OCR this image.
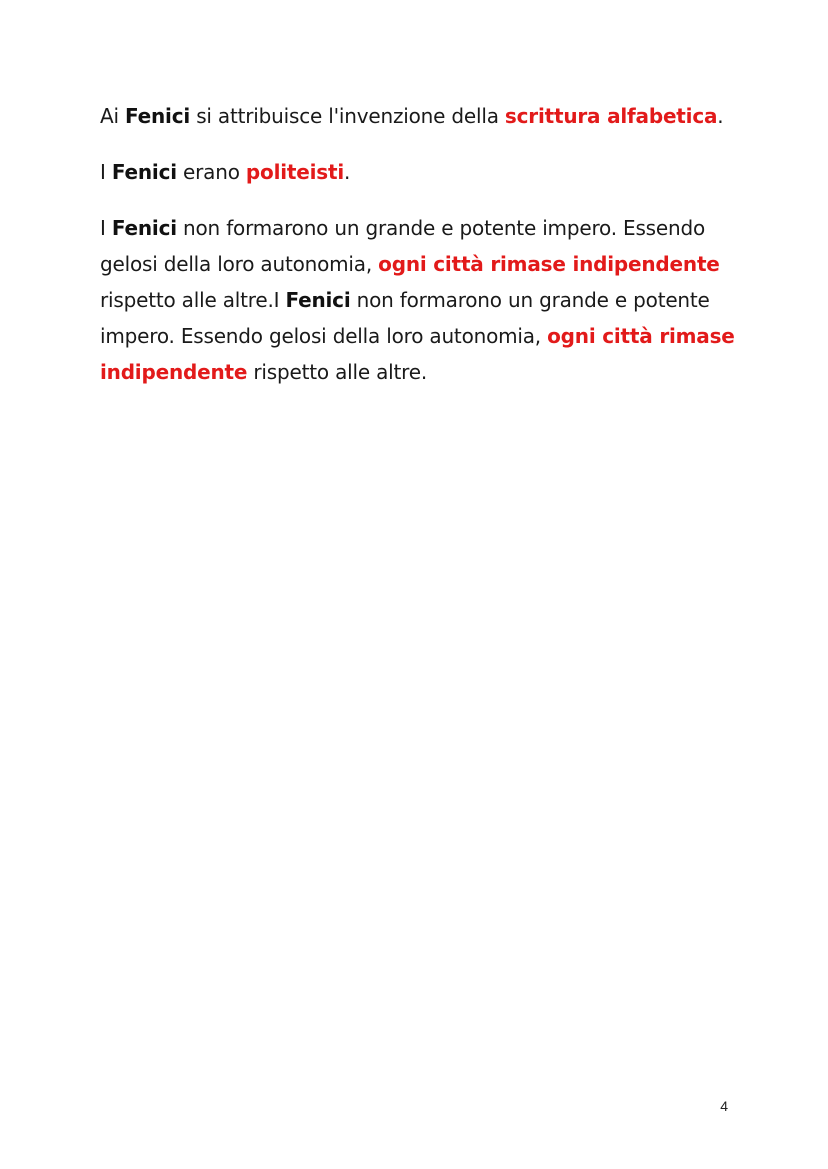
Ai Fenici si attribuisce l'invenzione della scrittura alfabetica.

I Fenici erano politeisti.

I Fenici non formarono un grande e potente impero. Essendo gelosi della loro autonomia, ogni città rimase indipendente rispetto alle altre.I Fenici non formarono un grande e potente impero. Essendo gelosi della loro autonomia, ogni città rimase indipendente rispetto alle altre.

4
